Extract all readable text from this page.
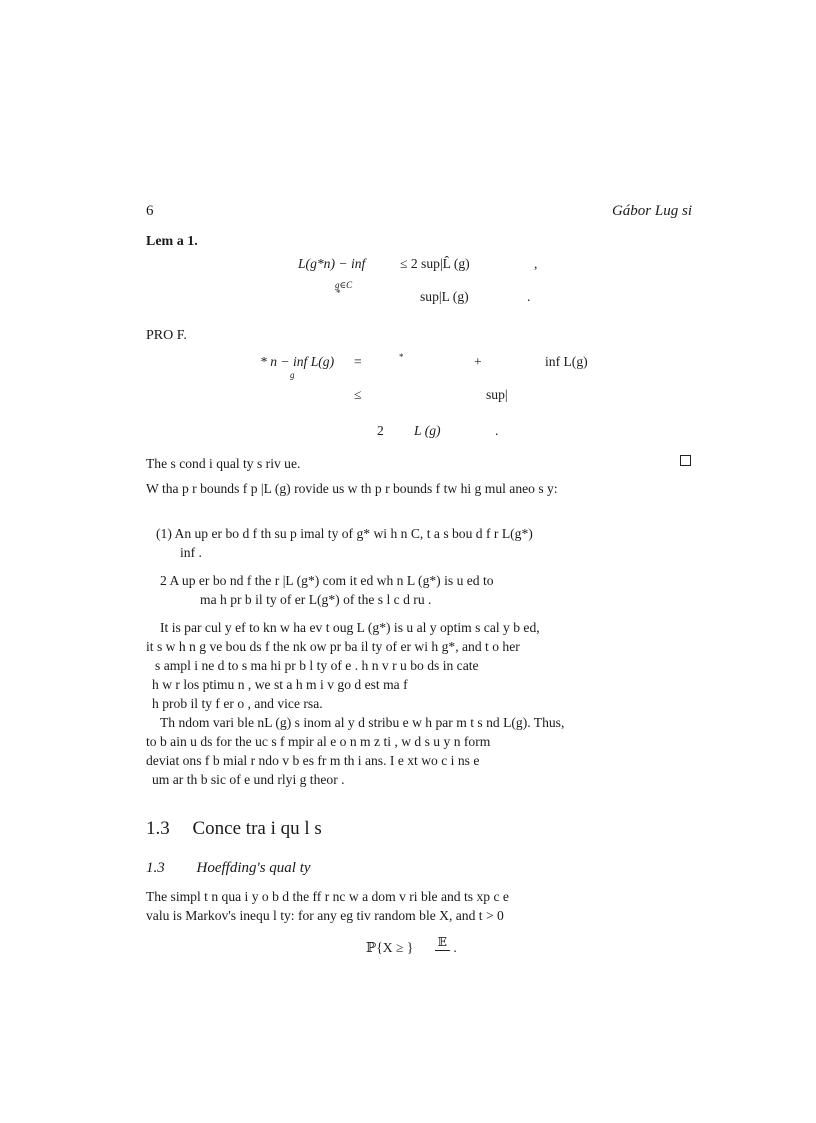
6	Gábor Lug si
Lem a 1.
L(g*n) − inf
g∈C
≤ 2 sup|L̂ (g)	,
*	sup|L (g)	.
PRO F.
* n − inf L(g)
g
=	*	+	inf L(g)
≤	sup|
2 L (g)	.
The s cond i qual ty s riv ue.
W tha p r bounds f p |L (g) rovide us w th p r bounds f tw hi g mul aneo s y:
(1) An up er bo d f th su p imal ty of g* wi h n C, t a s bou d f r L(g*)
inf .
2 A up er bo nd f the r |L (g*) com it ed wh n L (g*) is u ed to
ma h pr b il ty of er L(g*) of the s l c d ru .
It is par cul y ef to kn w ha ev t oug L (g*) is u al y optim s cal y b ed,
it s w h n g ve bou ds f the nk ow pr ba il ty of er wi h g*, and t o her
s ampl i ne d to s ma hi pr b l ty of e . h n v r u bo ds in cate
h w r los ptimu n , we st a h m i v go d est ma f
h prob il ty f er o , and vice rsa.
Th ndom vari ble nL (g) s inom al y d stribu e w h par m t s nd L(g). Thus,
to b ain u ds for the uc s f mpir al e o n m z ti , w d s u y n form
deviat ons f b mial r ndo v b es fr m th i ans. I e xt wo c i ns e
um ar th b sic of e und rlyi g theor .
1.3 Conce tra i qu l s
1.3 Hoeffding's qual ty
The simpl t n qua i y o b d the ff r nc w a dom v ri ble and ts xp c e
valu is Markov's inequ l ty: for any eg tiv random ble X, and t > 0
ℙ{X ≥ } 𝔼 .
